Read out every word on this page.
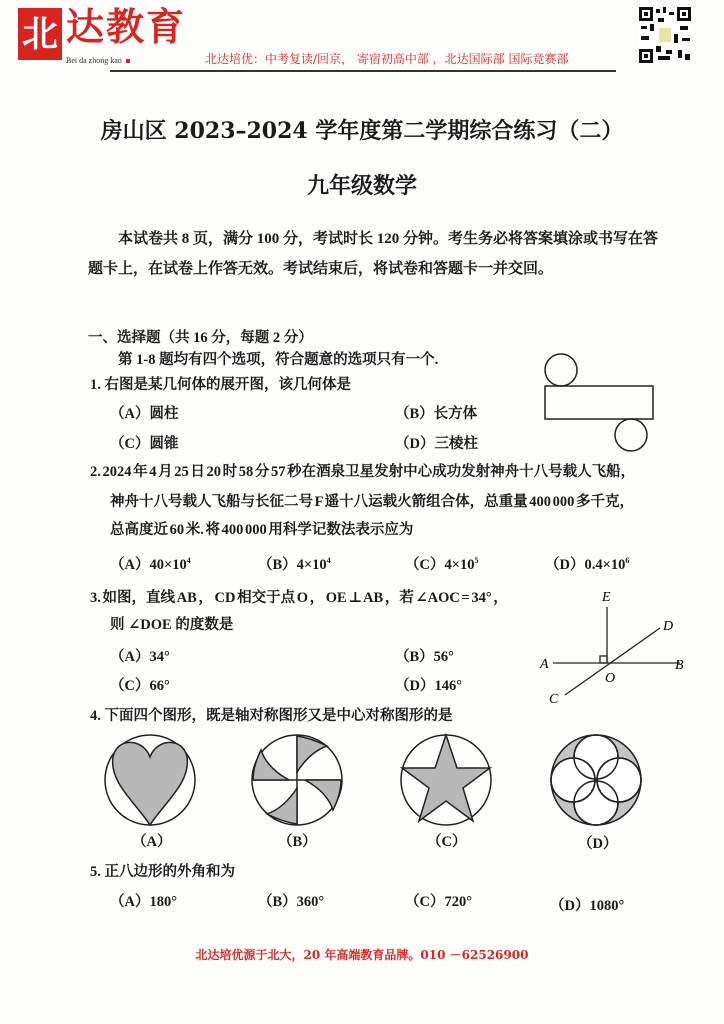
北 达教育
Bei da zhong kao	北达培优：中考复读/回京， 寄宿初高中部 ，北达国际部 国际竞赛部
房山区 2023–2024 学年度第二学期综合练习（二）
九年级数学
本试卷共 8 页，满分 100 分，考试时长 120 分钟。考生务必将答案填涂或书写在答
题卡上，在试卷上作答无效。考试结束后，将试卷和答题卡一并交回。
一、选择题（共 16 分，每题 2 分）
第 1-8 题均有四个选项，符合题意的选项只有一个.
1. 右图是某几何体的展开图，该几何体是
（A）圆柱	（B）长方体
（C）圆锥	（D）三棱柱
2. 2024 年 4 月 25 日 20 时 58 分 57 秒在酒泉卫星发射中心成功发射神舟十八号载人飞船，
神舟十八号载人飞船与长征二号 F 遥十八运载火箭组合体，总重量 400 000 多千克，
总高度近 60 米. 将 400 000 用科学记数法表示应为
$(A)40\times 10^4$	$(B)4\times 10^4$	$(C)4\times 10^5$	$(D)0.4\times 10^6$
3. 如图，直线 AB ， CD 相交于点 O ， OE ⊥ AB ，若 ∠AOC = 34° ，
则 ∠DOE 的度数是
（A）34°	（B）56°
（C）66°	（D）146°
E
D
A	B
O
C
4. 下面四个图形，既是轴对称图形又是中心对称图形的是
（A）	（B）	（C）	（D）
5. 正八边形的外角和为
（A）180°	（B）360°	（C）720°	（D）1080°
北达培优源于北大，20 年高端教育品牌。010 －62526900
